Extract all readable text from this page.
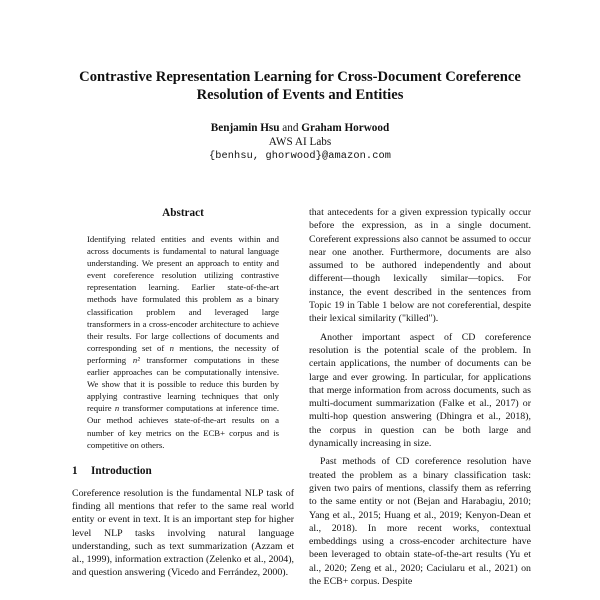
Contrastive Representation Learning for Cross-Document Coreference
Resolution of Events and Entities
Benjamin Hsu and Graham Horwood
AWS AI Labs
{benhsu, ghorwood}@amazon.com
Abstract
Identifying related entities and events within and across documents is fundamental to natural language understanding. We present an approach to entity and event coreference resolution utilizing contrastive representation learning. Earlier state-of-the-art methods have formulated this problem as a binary classification problem and leveraged large transformers in a cross-encoder architecture to achieve their results. For large collections of documents and corresponding set of n mentions, the necessity of performing n² transformer computations in these earlier approaches can be computationally intensive. We show that it is possible to reduce this burden by applying contrastive learning techniques that only require n transformer computations at inference time. Our method achieves state-of-the-art results on a number of key metrics on the ECB+ corpus and is competitive on others.
1 Introduction

Coreference resolution is the fundamental NLP task of finding all mentions that refer to the same real world entity or event in text. It is an important step for higher level NLP tasks involving natural language understanding, such as text summarization (Azzam et al., 1999), information extraction (Zelenko et al., 2004), and question answering (Vicedo and Ferrández, 2000).

that antecedents for a given expression typically occur before the expression, as in a single document. Coreferent expressions also cannot be assumed to occur near one another. Furthermore, documents are also assumed to be authored independently and about different—though lexically similar—topics. For instance, the event described in the sentences from Topic 19 in Table 1 below are not coreferential, despite their lexical similarity ("killed").

Another important aspect of CD coreference resolution is the potential scale of the problem. In certain applications, the number of documents can be large and ever growing. In particular, for applications that merge information from across documents, such as multi-document summarization (Falke et al., 2017) or multi-hop question answering (Dhingra et al., 2018), the corpus in question can be both large and dynamically increasing in size.

Past methods of CD coreference resolution have treated the problem as a binary classification task: given two pairs of mentions, classify them as referring to the same entity or not (Bejan and Harabagiu, 2010; Yang et al., 2015; Huang et al., 2019; Kenyon-Dean et al., 2018). In more recent works, contextual embeddings using a cross-encoder architecture have been leveraged to obtain state-of-the-art results (Yu et al., 2020; Zeng et al., 2020; Caciularu et al., 2021) on the ECB+ corpus. Despite
